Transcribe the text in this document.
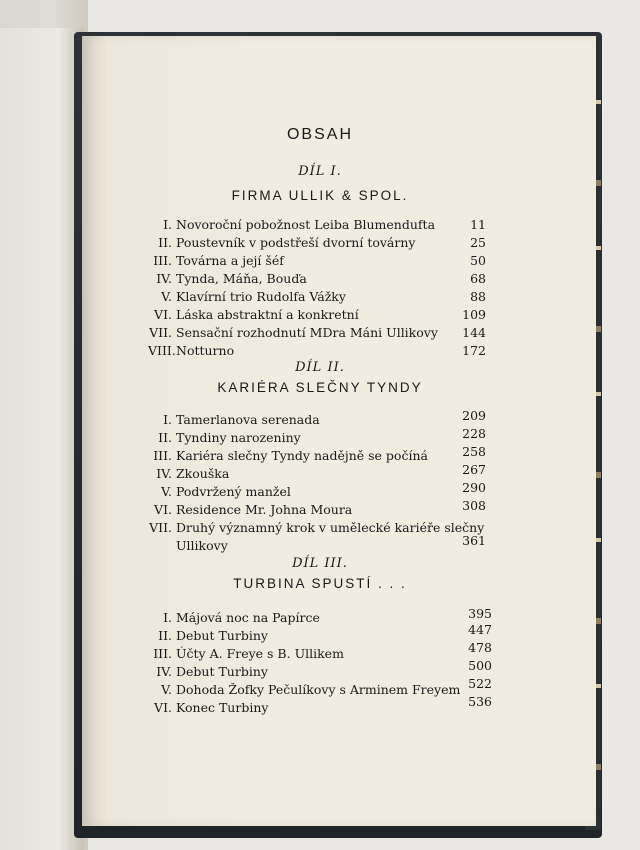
OBSAH
DÍL I.
FIRMA ULLIK & SPOL.
I. Novoroční pobožnost Leiba Blumendufta	11
II. Poustevník v podstřeší dvorní továrny	25
III. Továrna a její šéf	50
IV. Tynda, Máňa, Bouďa	68
V. Klavírní trio Rudolfa Vážky	88
VI. Láska abstraktní a konkretní	109
VII. Sensační rozhodnutí MDra Máni Ullikovy	144
VIII. Notturno	172
DÍL II.
KARIÉRA SLEČNY TYNDY
I. Tamerlanova serenada	209
II. Tyndiny narozeniny	228
III. Kariéra slečny Tyndy nadějně se počíná	258
IV. Zkouška	267
V. Podvržený manžel	290
VI. Residence Mr. Johna Moura	308
VII. Druhý významný krok v umělecké kariéře slečny
Ullikovy	361
DÍL III.
TURBINA SPUSTÍ . . .
I. Májová noc na Papírce	395
II. Debut Turbiny	447
III. Účty A. Freye s B. Ullikem	478
IV. Debut Turbiny	500
V. Dohoda Žofky Pečulíkovy s Arminem Freyem 522
VI. Konec Turbiny	536
